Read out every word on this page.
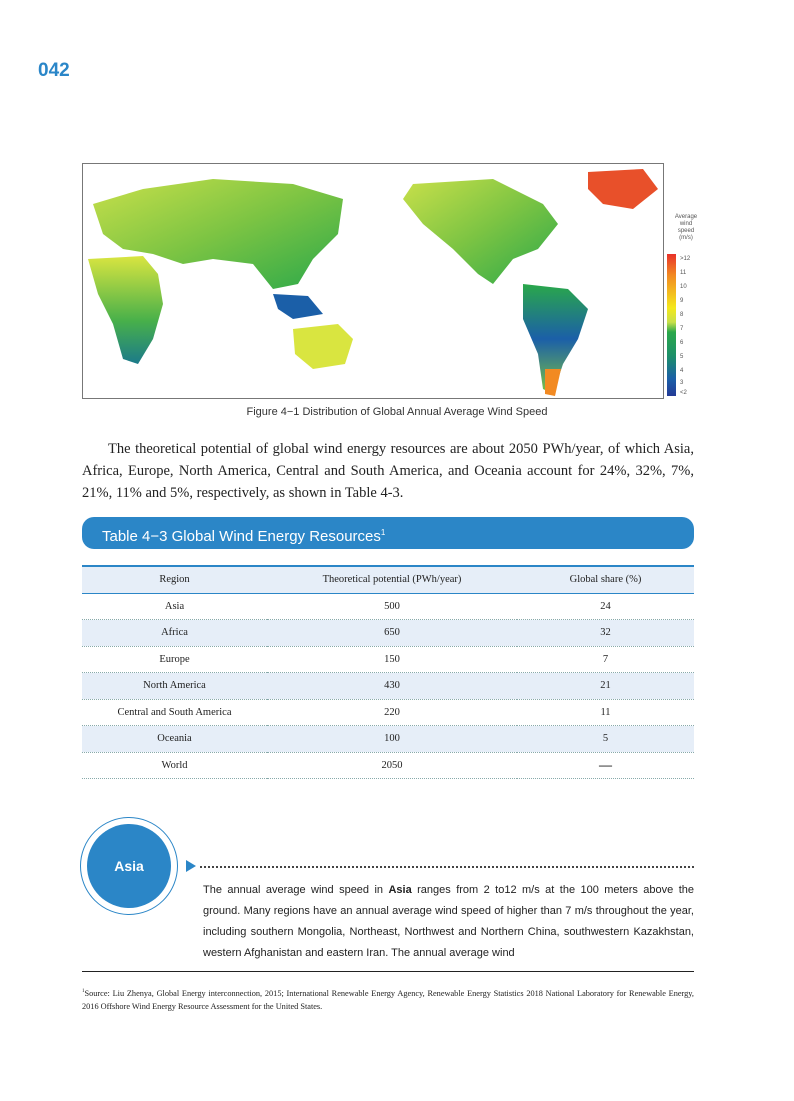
042
Average
wind
speed
(m/s)
>12
11
10
9
8
7
6
5
4
3
<2
Figure 4−1 Distribution of Global Annual Average Wind Speed
The theoretical potential of global wind energy resources are about 2050 PWh/year, of which Asia, Africa, Europe, North America, Central and South America, and Oceania account for 24%, 32%, 7%, 21%, 11% and 5%, respectively, as shown in Table 4-3.
Table 4−3 Global Wind Energy Resources$^1$
Region	Theoretical potential (PWh/year)	Global share (%)
Asia	500	24
Africa	650	32
Europe	150	7
North America	430	21
Central and South America	220	11
Oceania	100	5
World	2050	—
Asia
The annual average wind speed in Asia ranges from 2 to12 m/s at the 100 meters above the ground. Many regions have an annual average wind speed of higher than 7 m/s throughout the year, including southern Mongolia, Northeast, Northwest and Northern China, southwestern Kazakhstan, western Afghanistan and eastern Iran. The annual average wind
$^1$Source: Liu Zhenya, Global Energy interconnection, 2015; International Renewable Energy Agency, Renewable Energy Statistics 2018 National Laboratory for Renewable Energy, 2016 Offshore Wind Energy Resource Assessment for the United States.
